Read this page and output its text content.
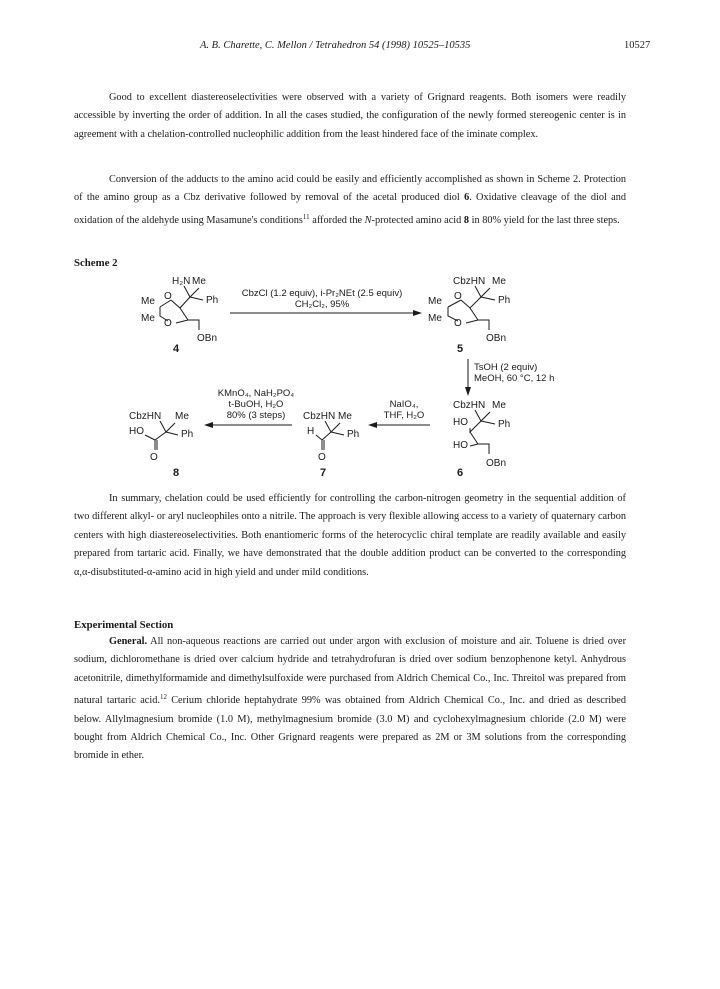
A. B. Charette, C. Mellon / Tetrahedron 54 (1998) 10525–10535	10527

Good to excellent diastereoselectivities were observed with a variety of Grignard reagents. Both isomers were readily accessible by inverting the order of addition. In all the cases studied, the configuration of the newly formed stereogenic center is in agreement with a chelation-controlled nucleophilic addition from the least hindered face of the iminate complex.

Conversion of the adducts to the amino acid could be easily and efficiently accomplished as shown in Scheme 2. Protection of the amino group as a Cbz derivative followed by removal of the acetal produced diol 6. Oxidative cleavage of the diol and oxidation of the aldehyde using Masamune's conditions$^{11}$ afforded the N-protected amino acid 8 in 80% yield for the last three steps.

Scheme 2
H₂N Me
Ph
Me
Me
O
O
OBn
4
CbzCl (1.2 equiv), i-Pr₂NEt (2.5 equiv)
CH₂Cl₂, 95%
CbzHN Me
Ph
Me
Me
O
O
OBn
5
TsOH (2 equiv)
MeOH, 60 °C, 12 h
CbzHN Me
Ph
HO
HO
OBn
6
NaIO₄,
THF, H₂O
CbzHN Me
Ph
H
O
7
KMnO₄, NaH₂PO₄
t-BuOH, H₂O
80% (3 steps)
CbzHN Me
Ph
HO
O
8

In summary, chelation could be used efficiently for controlling the carbon-nitrogen geometry in the sequential addition of two different alkyl- or aryl nucleophiles onto a nitrile. The approach is very flexible allowing access to a variety of quaternary carbon centers with high diastereoselectivities. Both enantiomeric forms of the heterocyclic chiral template are readily available and easily prepared from tartaric acid. Finally, we have demonstrated that the double addition product can be converted to the corresponding α,α-disubstituted-α-amino acid in high yield and under mild conditions.

Experimental Section

General. All non-aqueous reactions are carried out under argon with exclusion of moisture and air. Toluene is dried over sodium, dichloromethane is dried over calcium hydride and tetrahydrofuran is dried over sodium benzophenone ketyl. Anhydrous acetonitrile, dimethylformamide and dimethylsulfoxide were purchased from Aldrich Chemical Co., Inc. Threitol was prepared from natural tartaric acid.$^{12}$ Cerium chloride heptahydrate 99% was obtained from Aldrich Chemical Co., Inc. and dried as described below. Allylmagnesium bromide (1.0 M), methylmagnesium bromide (3.0 M) and cyclohexylmagnesium chloride (2.0 M) were bought from Aldrich Chemical Co., Inc. Other Grignard reagents were prepared as 2M or 3M solutions from the corresponding bromide in ether.
